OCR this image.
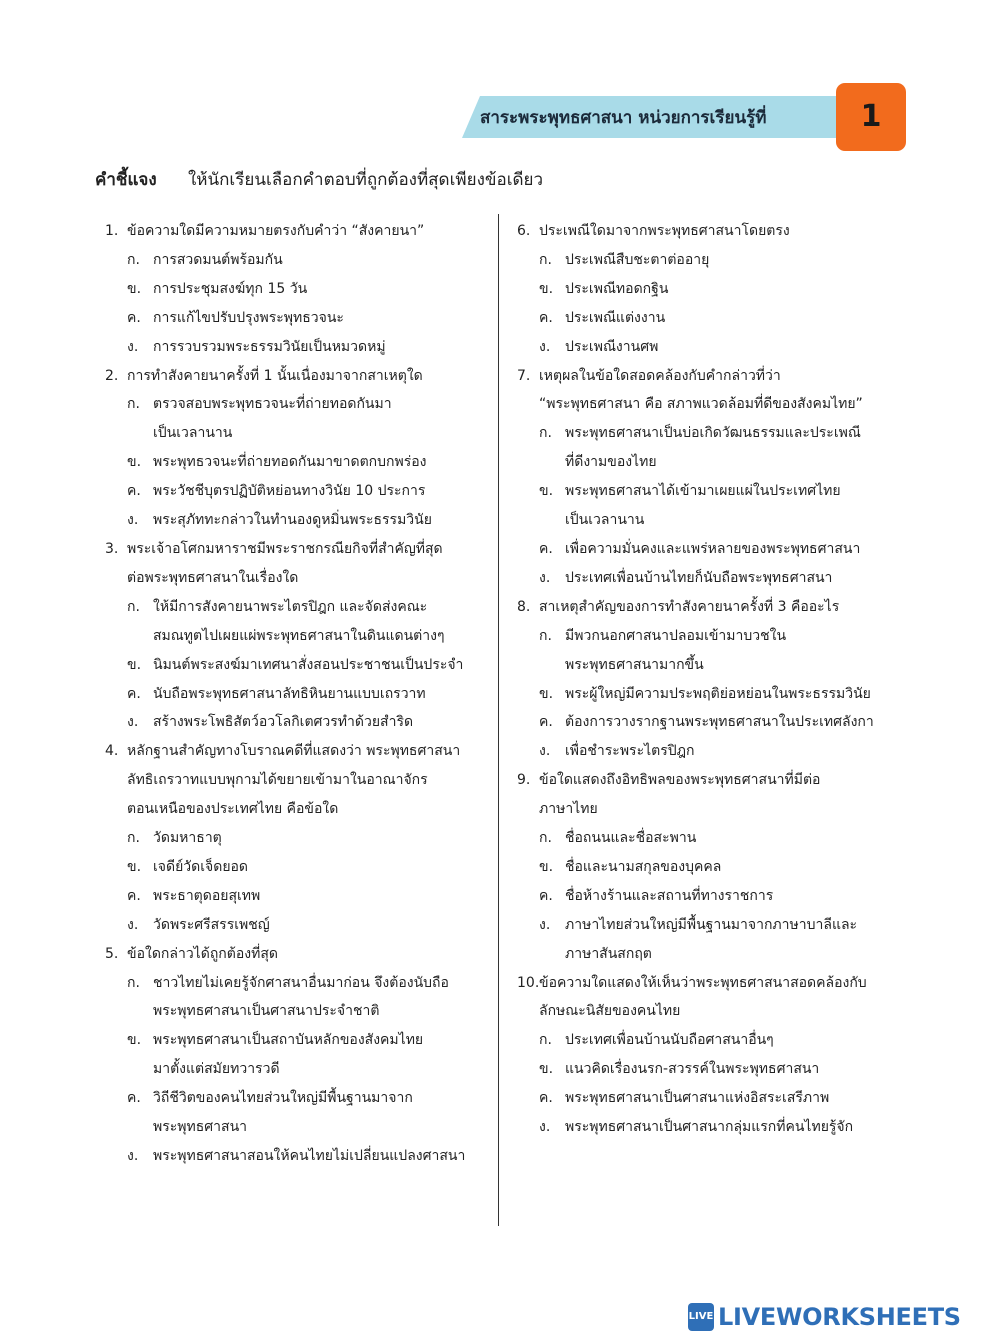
สาระพระพุทธศาสนา หน่วยการเรียนรู้ที่	1
คำชี้แจง ให้นักเรียนเลือกคำตอบที่ถูกต้องที่สุดเพียงข้อเดียว
1. ข้อความใดมีความหมายตรงกับคำว่า “สังคายนา”
ก. การสวดมนต์พร้อมกัน
ข. การประชุมสงฆ์ทุก 15 วัน
ค. การแก้ไขปรับปรุงพระพุทธวจนะ
ง.	การรวบรวมพระธรรมวินัยเป็นหมวดหมู่
2. การทำสังคายนาครั้งที่ 1 นั้นเนื่องมาจากสาเหตุใด
ก. ตรวจสอบพระพุทธวจนะที่ถ่ายทอดกันมา
เป็นเวลานาน
ข. พระพุทธวจนะที่ถ่ายทอดกันมาขาดตกบกพร่อง
ค. พระวัชชีบุตรปฏิบัติหย่อนทางวินัย 10 ประการ
ง.	พระสุภัททะกล่าวในทำนองดูหมิ่นพระธรรมวินัย
3. พระเจ้าอโศกมหาราชมีพระราชกรณียกิจที่สำคัญที่สุด
ต่อพระพุทธศาสนาในเรื่องใด
ก. ให้มีการสังคายนาพระไตรปิฎก และจัดส่งคณะ
สมณทูตไปเผยแผ่พระพุทธศาสนาในดินแดนต่างๆ
ข. นิมนต์พระสงฆ์มาเทศนาสั่งสอนประชาชนเป็นประจำ
ค. นับถือพระพุทธศาสนาลัทธิหินยานแบบเถรวาท
ง.	สร้างพระโพธิสัตว์อวโลกิเตศวรทำด้วยสำริด
4. หลักฐานสำคัญทางโบราณคดีที่แสดงว่า พระพุทธศาสนา
ลัทธิเถรวาทแบบพุกามได้ขยายเข้ามาในอาณาจักร
ตอนเหนือของประเทศไทย คือข้อใด
ก. วัดมหาธาตุ
ข. เจดีย์วัดเจ็ดยอด
ค. พระธาตุดอยสุเทพ
ง.	วัดพระศรีสรรเพชญ์
5. ข้อใดกล่าวได้ถูกต้องที่สุด
ก. ชาวไทยไม่เคยรู้จักศาสนาอื่นมาก่อน จึงต้องนับถือ
พระพุทธศาสนาเป็นศาสนาประจำชาติ
ข. พระพุทธศาสนาเป็นสถาบันหลักของสังคมไทย
มาตั้งแต่สมัยทวารวดี
ค. วิถีชีวิตของคนไทยส่วนใหญ่มีพื้นฐานมาจาก
พระพุทธศาสนา
ง.	พระพุทธศาสนาสอนให้คนไทยไม่เปลี่ยนแปลงศาสนา
6. ประเพณีใดมาจากพระพุทธศาสนาโดยตรง
ก. ประเพณีสืบชะตาต่ออายุ
ข. ประเพณีทอดกฐิน
ค. ประเพณีแต่งงาน
ง.	ประเพณีงานศพ
7. เหตุผลในข้อใดสอดคล้องกับคำกล่าวที่ว่า
“พระพุทธศาสนา คือ สภาพแวดล้อมที่ดีของสังคมไทย”
ก. พระพุทธศาสนาเป็นบ่อเกิดวัฒนธรรมและประเพณี
ที่ดีงามของไทย
ข. พระพุทธศาสนาได้เข้ามาเผยแผ่ในประเทศไทย
เป็นเวลานาน
ค. เพื่อความมั่นคงและแพร่หลายของพระพุทธศาสนา
ง.	ประเทศเพื่อนบ้านไทยก็นับถือพระพุทธศาสนา
8. สาเหตุสำคัญของการทำสังคายนาครั้งที่ 3 คืออะไร
ก. มีพวกนอกศาสนาปลอมเข้ามาบวชใน
พระพุทธศาสนามากขึ้น
ข. พระผู้ใหญ่มีความประพฤติย่อหย่อนในพระธรรมวินัย
ค. ต้องการวางรากฐานพระพุทธศาสนาในประเทศลังกา
ง.	เพื่อชำระพระไตรปิฎก
9. ข้อใดแสดงถึงอิทธิพลของพระพุทธศาสนาที่มีต่อ
ภาษาไทย
ก. ชื่อถนนและชื่อสะพาน
ข. ชื่อและนามสกุลของบุคคล
ค. ชื่อห้างร้านและสถานที่ทางราชการ
ง.	ภาษาไทยส่วนใหญ่มีพื้นฐานมาจากภาษาบาลีและ
ภาษาสันสกฤต
10. ข้อความใดแสดงให้เห็นว่าพระพุทธศาสนาสอดคล้องกับ
ลักษณะนิสัยของคนไทย
ก. ประเทศเพื่อนบ้านนับถือศาสนาอื่นๆ
ข. แนวคิดเรื่องนรก-สวรรค์ในพระพุทธศาสนา
ค. พระพุทธศาสนาเป็นศาสนาแห่งอิสระเสรีภาพ
ง.	พระพุทธศาสนาเป็นศาสนากลุ่มแรกที่คนไทยรู้จัก
LIVE LIVEWORKSHEETS
